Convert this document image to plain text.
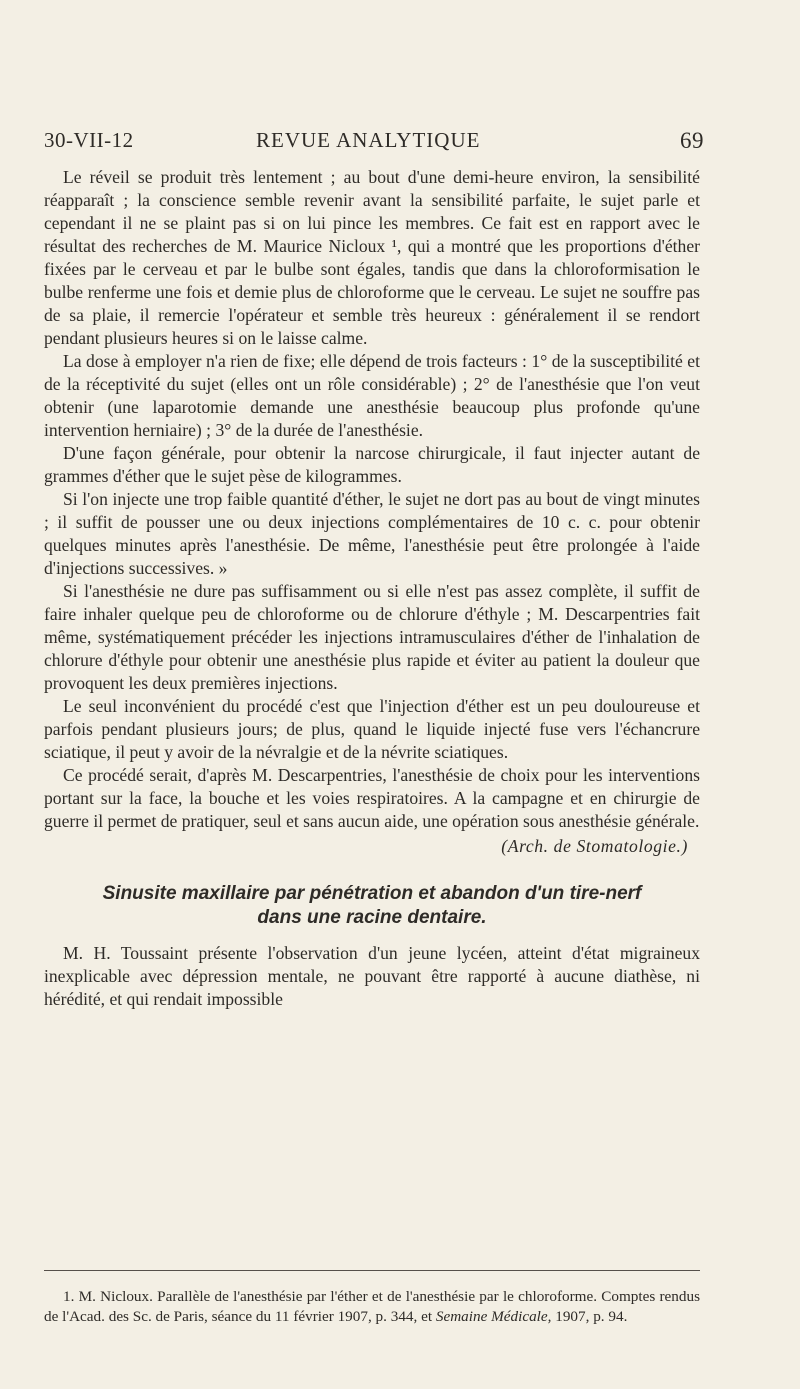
30-VII-12	REVUE ANALYTIQUE	69

Le réveil se produit très lentement ; au bout d'une demi-heure environ, la sensibilité réapparaît ; la conscience semble revenir avant la sensibilité parfaite, le sujet parle et cependant il ne se plaint pas si on lui pince les membres. Ce fait est en rapport avec le résultat des recherches de M. Maurice Nicloux ¹, qui a montré que les proportions d'éther fixées par le cerveau et par le bulbe sont égales, tandis que dans la chloroformisation le bulbe renferme une fois et demie plus de chloroforme que le cerveau. Le sujet ne souffre pas de sa plaie, il remercie l'opérateur et semble très heureux : généralement il se rendort pendant plusieurs heures si on le laisse calme.

La dose à employer n'a rien de fixe; elle dépend de trois facteurs : 1° de la susceptibilité et de la réceptivité du sujet (elles ont un rôle considérable) ; 2° de l'anesthésie que l'on veut obtenir (une laparotomie demande une anesthésie beaucoup plus profonde qu'une intervention herniaire) ; 3° de la durée de l'anesthésie.

D'une façon générale, pour obtenir la narcose chirurgicale, il faut injecter autant de grammes d'éther que le sujet pèse de kilogrammes.

Si l'on injecte une trop faible quantité d'éther, le sujet ne dort pas au bout de vingt minutes ; il suffit de pousser une ou deux injections complémentaires de 10 c. c. pour obtenir quelques minutes après l'anesthésie. De même, l'anesthésie peut être prolongée à l'aide d'injections successives. »

Si l'anesthésie ne dure pas suffisamment ou si elle n'est pas assez complète, il suffit de faire inhaler quelque peu de chloroforme ou de chlorure d'éthyle ; M. Descarpentries fait même, systématiquement précéder les injections intramusculaires d'éther de l'inhalation de chlorure d'éthyle pour obtenir une anesthésie plus rapide et éviter au patient la douleur que provoquent les deux premières injections.

Le seul inconvénient du procédé c'est que l'injection d'éther est un peu douloureuse et parfois pendant plusieurs jours; de plus, quand le liquide injecté fuse vers l'échancrure sciatique, il peut y avoir de la névralgie et de la névrite sciatiques.

Ce procédé serait, d'après M. Descarpentries, l'anesthésie de choix pour les interventions portant sur la face, la bouche et les voies respiratoires. A la campagne et en chirurgie de guerre il permet de pratiquer, seul et sans aucun aide, une opération sous anesthésie générale.

(Arch. de Stomatologie.)
Sinusite maxillaire par pénétration et abandon d'un tire-nerf
dans une racine dentaire.

M. H. Toussaint présente l'observation d'un jeune lycéen, atteint d'état migraineux inexplicable avec dépression mentale, ne pouvant être rapporté à aucune diathèse, ni hérédité, et qui rendait impossible

1. M. Nicloux. Parallèle de l'anesthésie par l'éther et de l'anesthésie par le chloroforme. Comptes rendus de l'Acad. des Sc. de Paris, séance du 11 février 1907, p. 344, et Semaine Médicale, 1907, p. 94.
